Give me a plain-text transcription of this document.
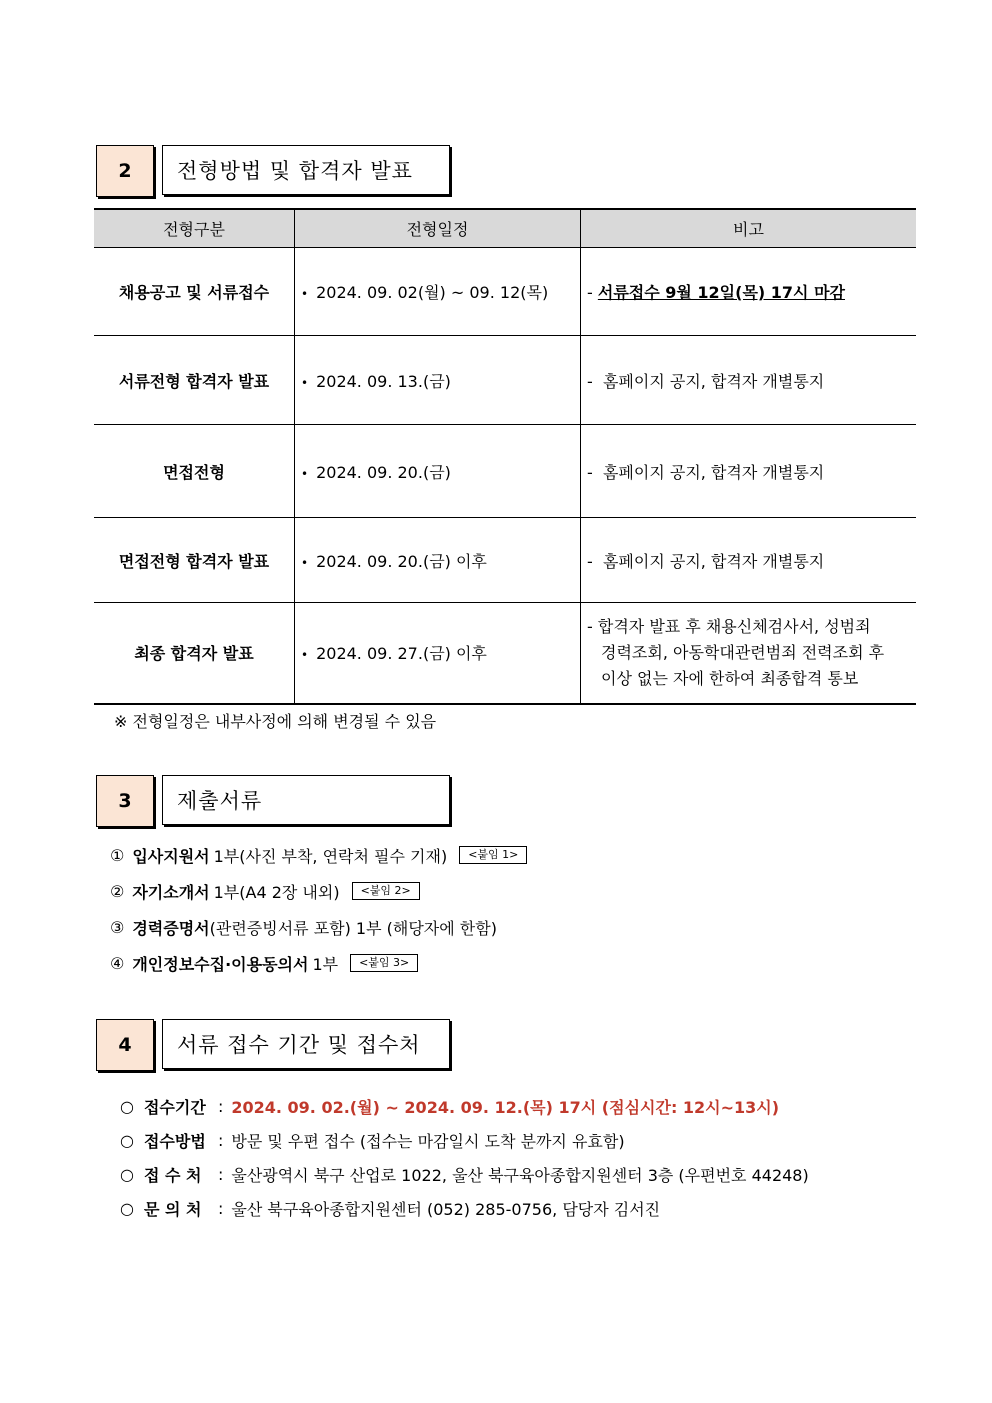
2	전형방법 및 합격자 발표
전형구분	전형일정	비고
채용공고 및 서류접수	• 2024. 09. 02(월) ~ 09. 12(목)	- 서류접수 9월 12일(목) 17시 마감
서류전형 합격자 발표	• 2024. 09. 13.(금)	-  홈페이지 공지, 합격자 개별통지
면접전형	• 2024. 09. 20.(금)	-  홈페이지 공지, 합격자 개별통지
면접전형 합격자 발표	• 2024. 09. 20.(금) 이후	-  홈페이지 공지, 합격자 개별통지
최종 합격자 발표	• 2024. 09. 27.(금) 이후	- 합격자 발표 후 채용신체검사서, 성범죄
경력조회, 아동학대관련범죄 전력조회 후
이상 없는 자에 한하여 최종합격 통보
※ 전형일정은 내부사정에 의해 변경될 수 있음
3	제출서류
① 입사지원서 1부(사진 부착, 연락처 필수 기재)	<붙임 1>
② 자기소개서 1부(A4 2장 내외)	<붙임 2>
③ 경력증명서 (관련증빙서류 포함) 1부 (해당자에 한함)
④ 개인정보수집·이용동의서 1부	<붙임 3>
4	서류 접수 기간 및 접수처
○ 접수기간 : 2024. 09. 02.(월) ~ 2024. 09. 12.(목) 17시 (점심시간: 12시~13시)
○ 접수방법 : 방문 및 우편 접수 (접수는 마감일시 도착 분까지 유효함)
○ 접 수 처	: 울산광역시 북구 산업로 1022, 울산 북구육아종합지원센터 3층 (우편번호 44248)
○ 문 의 처	: 울산 북구육아종합지원센터 (052) 285-0756, 담당자 김서진
